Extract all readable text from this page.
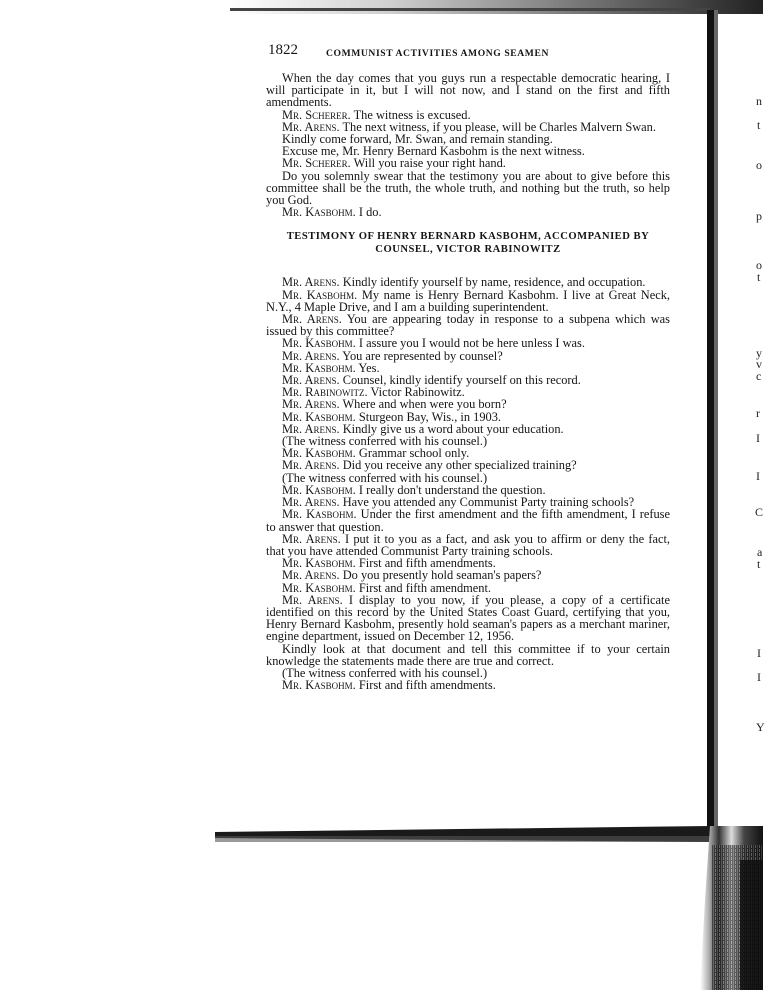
n
t
o
p
o
t
y
v
c
r
I
I
C
a
t
I
I
Y
1822	COMMUNIST ACTIVITIES AMONG SEAMEN

When the day comes that you guys run a respectable democratic hearing, I will participate in it, but I will not now, and I stand on the first and fifth amendments.

Mr. Scherer. The witness is excused.

Mr. Arens. The next witness, if you please, will be Charles Malvern Swan.

Kindly come forward, Mr. Swan, and remain standing.

Excuse me, Mr. Henry Bernard Kasbohm is the next witness.

Mr. Scherer. Will you raise your right hand.

Do you solemnly swear that the testimony you are about to give before this committee shall be the truth, the whole truth, and nothing but the truth, so help you God.

Mr. Kasbohm. I do.

TESTIMONY OF HENRY BERNARD KASBOHM, ACCOMPANIED BY
COUNSEL, VICTOR RABINOWITZ

Mr. Arens. Kindly identify yourself by name, residence, and occupation.

Mr. Kasbohm. My name is Henry Bernard Kasbohm. I live at Great Neck, N.Y., 4 Maple Drive, and I am a building superintendent.

Mr. Arens. You are appearing today in response to a subpena which was issued by this committee?

Mr. Kasbohm. I assure you I would not be here unless I was.

Mr. Arens. You are represented by counsel?

Mr. Kasbohm. Yes.

Mr. Arens. Counsel, kindly identify yourself on this record.

Mr. Rabinowitz. Victor Rabinowitz.

Mr. Arens. Where and when were you born?

Mr. Kasbohm. Sturgeon Bay, Wis., in 1903.

Mr. Arens. Kindly give us a word about your education.

(The witness conferred with his counsel.)

Mr. Kasbohm. Grammar school only.

Mr. Arens. Did you receive any other specialized training?

(The witness conferred with his counsel.)

Mr. Kasbohm. I really don't understand the question.

Mr. Arens. Have you attended any Communist Party training schools?

Mr. Kasbohm. Under the first amendment and the fifth amendment, I refuse to answer that question.

Mr. Arens. I put it to you as a fact, and ask you to affirm or deny the fact, that you have attended Communist Party training schools.

Mr. Kasbohm. First and fifth amendments.

Mr. Arens. Do you presently hold seaman's papers?

Mr. Kasbohm. First and fifth amendment.

Mr. Arens. I display to you now, if you please, a copy of a certificate identified on this record by the United States Coast Guard, certifying that you, Henry Bernard Kasbohm, presently hold seaman's papers as a merchant mariner, engine department, issued on December 12, 1956.

Kindly look at that document and tell this committee if to your certain knowledge the statements made there are true and correct.

(The witness conferred with his counsel.)

Mr. Kasbohm. First and fifth amendments.
